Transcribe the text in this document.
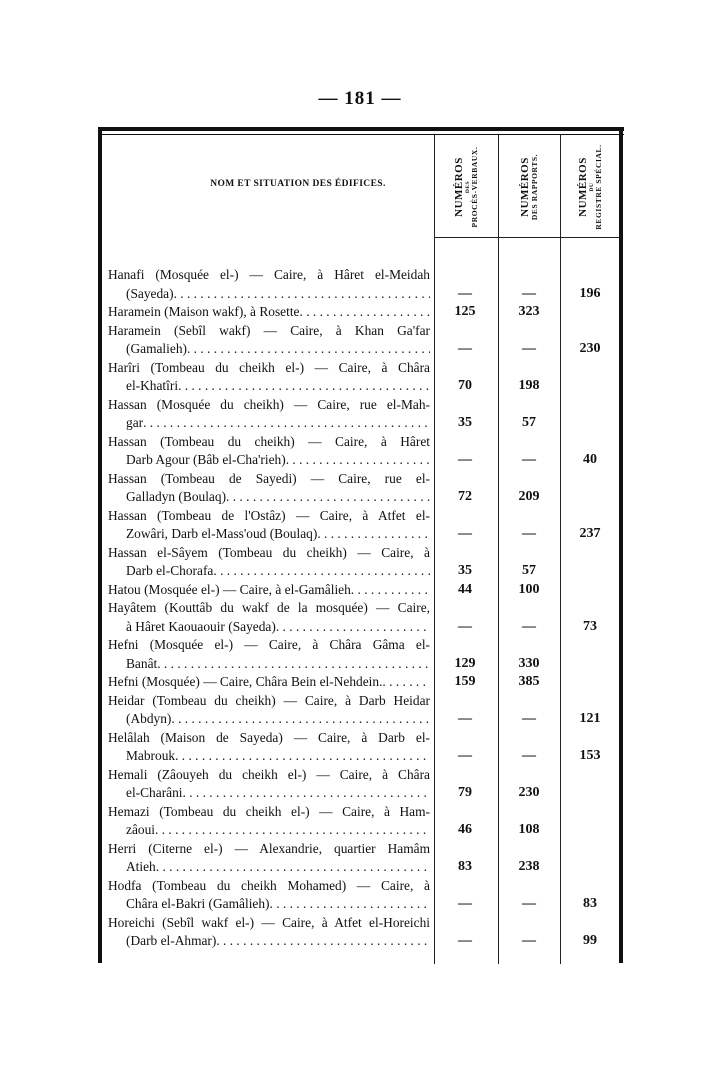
— 181 —
NOM ET SITUATION DES ÉDIFICES.	NUMÉROS DES PROCÈS-VERBAUX.	NUMÉROS DES RAPPORTS.	NUMÉROS DU REGISTRE SPÉCIAL.
Hanafi (Mosquée el-) — Caire, à Hâret el-Meidah
(Sayeda) . . .	—	—	196
Haramein (Maison wakf), à Rosette . . .	125	323
Haramein (Sebîl wakf) — Caire, à Khan Ga'far
(Gamalieh) . . .	—	—	230
Harîri (Tombeau du cheikh el-) — Caire, à Châra
el-Khatîri . . .	70	198
Hassan (Mosquée du cheikh) — Caire, rue el-Mah-
gar . . .	35	57
Hassan (Tombeau du cheikh) — Caire, à Hâret
Darb Agour (Bâb el-Cha'rieh) . . .	—	—	40
Hassan (Tombeau de Sayedi) — Caire, rue el-
Galladyn (Boulaq) . . .	72	209
Hassan (Tombeau de l'Ostâz) — Caire, à Atfet el-
Zowâri, Darb el-Mass'oud (Boulaq) . . .	—	—	237
Hassan el-Sâyem (Tombeau du cheikh) — Caire, à
Darb el-Chorafa . . .	35	57
Hatou (Mosquée el-) — Caire, à el-Gamâlieh . . .	44	100
Hayâtem (Kouttâb du wakf de la mosquée) — Caire,
à Hâret Kaouaouir (Sayeda) . . .	—	—	73
Hefni (Mosquée el-) — Caire, à Châra Gâma el-
Banât . . .	129	330
Hefni (Mosquée) — Caire, Châra Bein el-Nehdein. . . .	159	385
Heidar (Tombeau du cheikh) — Caire, à Darb Heidar
(Abdyn) . . .	—	—	121
Helâlah (Maison de Sayeda) — Caire, à Darb el-
Mabrouk . . .	—	—	153
Hemali (Zâouyeh du cheikh el-) — Caire, à Châra
el-Charâni . . .	79	230
Hemazi (Tombeau du cheikh el-) — Caire, à Ham-
zâoui . . .	46	108
Herri (Citerne el-) — Alexandrie, quartier Hamâm
Atieh . . .	83	238
Hodfa (Tombeau du cheikh Mohamed) — Caire, à
Châra el-Bakri (Gamâlieh) . . .	—	—	83
Horeichi (Sebîl wakf el-) — Caire, à Atfet el-Horeichi
(Darb el-Ahmar) . . .	—	—	99
